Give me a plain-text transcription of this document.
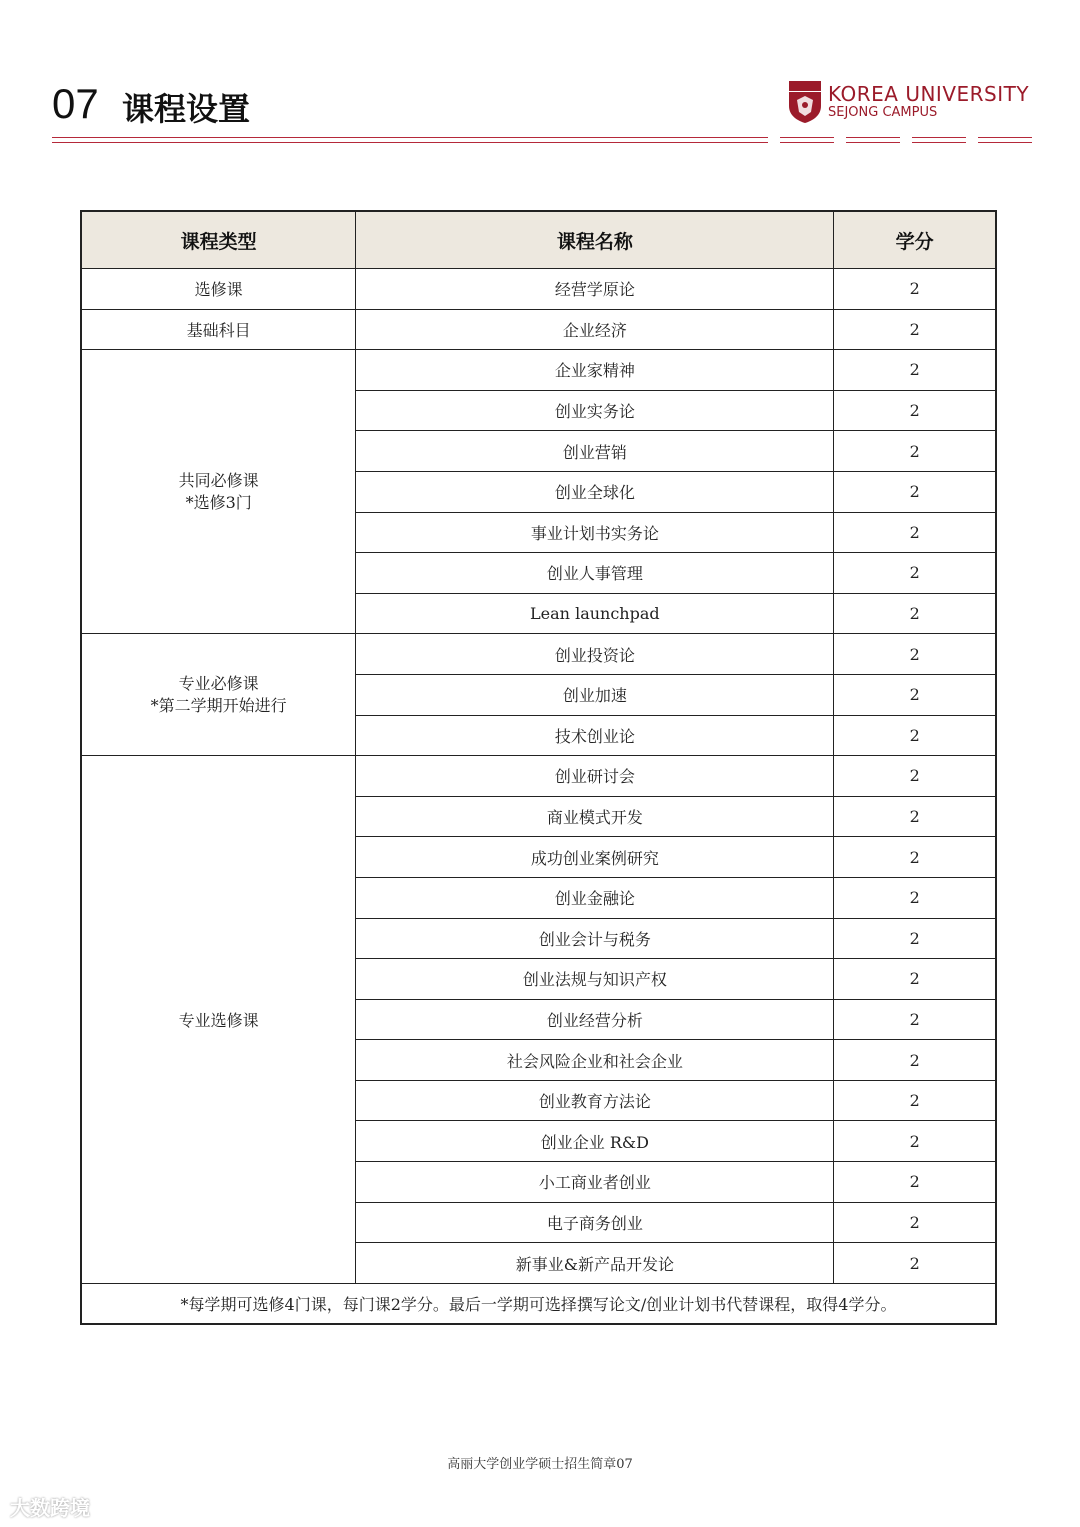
07 课程设置	KOREA UNIVERSITY
SEJONG CAMPUS
课程类型	课程名称	学分
选修课	经营学原论	2
基础科目	企业经济	2
共同必修课
*选修3门	企业家精神	2
	创业实务论	2
	创业营销	2
	创业全球化	2
	事业计划书实务论	2
	创业人事管理	2
	Lean launchpad	2
专业必修课
*第二学期开始进行	创业投资论	2
	创业加速	2
	技术创业论	2
专业选修课	创业研讨会	2
	商业模式开发	2
	成功创业案例研究	2
	创业金融论	2
	创业会计与税务	2
	创业法规与知识产权	2
	创业经营分析	2
	社会风险企业和社会企业	2
	创业教育方法论	2
	创业企业 R&D	2
	小工商业者创业	2
	电子商务创业	2
	新事业&新产品开发论	2
*每学期可选修4门课，每门课2学分。最后一学期可选择撰写论文/创业计划书代替课程，取得4学分。		
高丽大学创业学硕士招生简章07
大数跨境
